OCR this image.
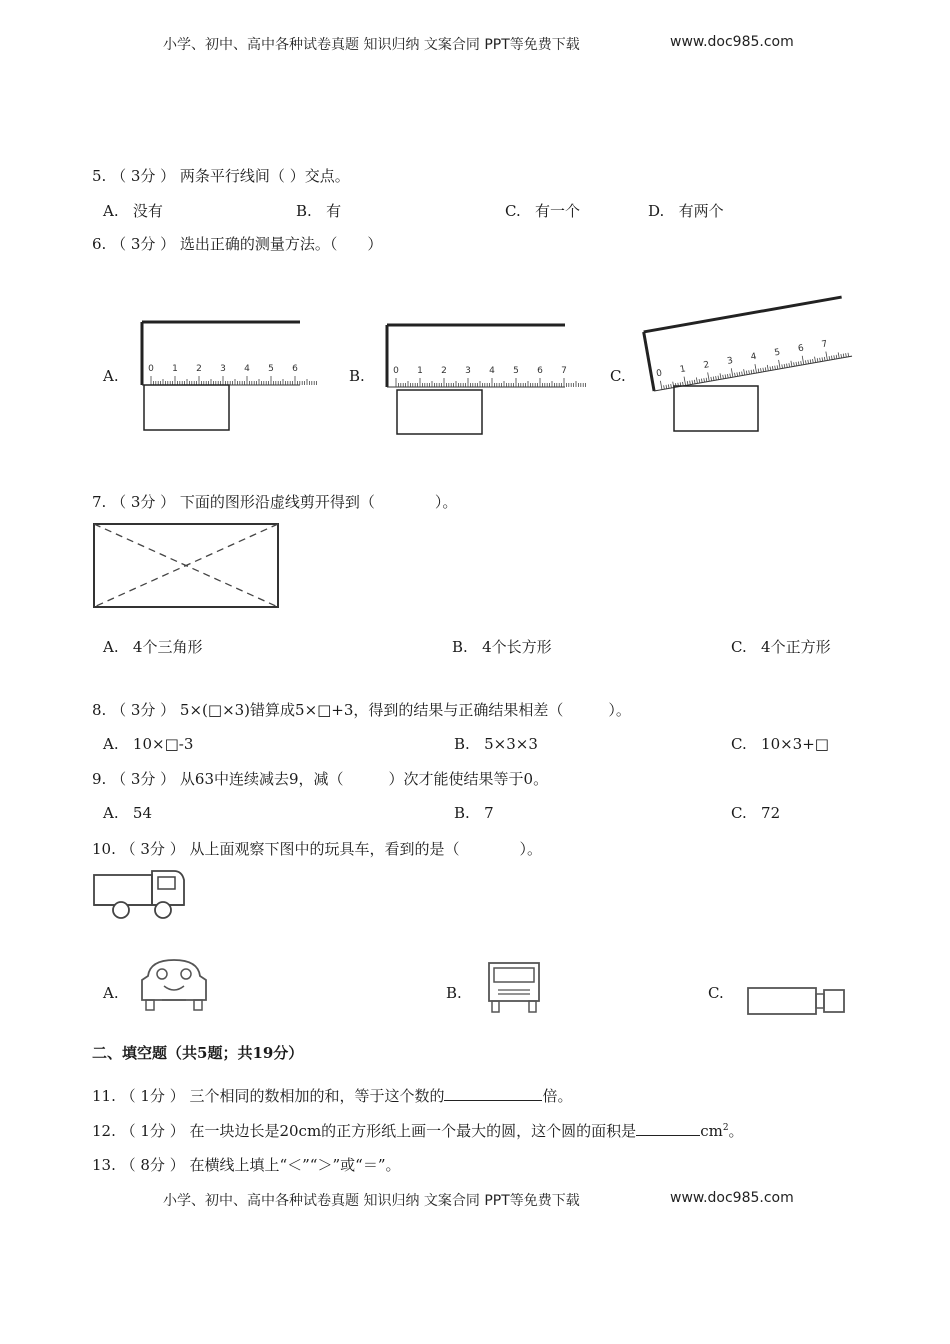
小学、初中、高中各种试卷真题 知识归纳 文案合同 PPT等免费下载	www.doc985.com
5. （ 3分 ） 两条平行线间（ ）交点。
A. 没有	B. 有	C. 有一个	D. 有两个
6. （ 3分 ） 选出正确的测量方法。（　　）
A.	B.	C.
0 1 2 3 4 5 6	0 1 2 3 4 5 6 7	0 1 2 3 4 5 6 7
7. （ 3分 ） 下面的图形沿虚线剪开得到（　　　　）。
A. 4个三角形	B. 4个长方形	C. 4个正方形
8. （ 3分 ） 5×(□×3)错算成5×□+3，得到的结果与正确结果相差（　　　）。
A. 10×□-3	B. 5×3×3	C. 10×3+□
9. （ 3分 ） 从63中连续减去9，减（　　　）次才能使结果等于0。
A. 54	B. 7	C. 72
10. （ 3分 ） 从上面观察下图中的玩具车，看到的是（　　　　）。
A.	B.	C.
二、填空题（共5题；共19分）
11. （ 1分 ） 三个相同的数相加的和，等于这个数的	倍。
12. （ 1分 ） 在一块边长是20cm的正方形纸上画一个最大的圆，这个圆的面积是	$cm^2$。
13. （ 8分 ） 在横线上填上“＜”“＞”或“＝”。
小学、初中、高中各种试卷真题 知识归纳 文案合同 PPT等免费下载	www.doc985.com
